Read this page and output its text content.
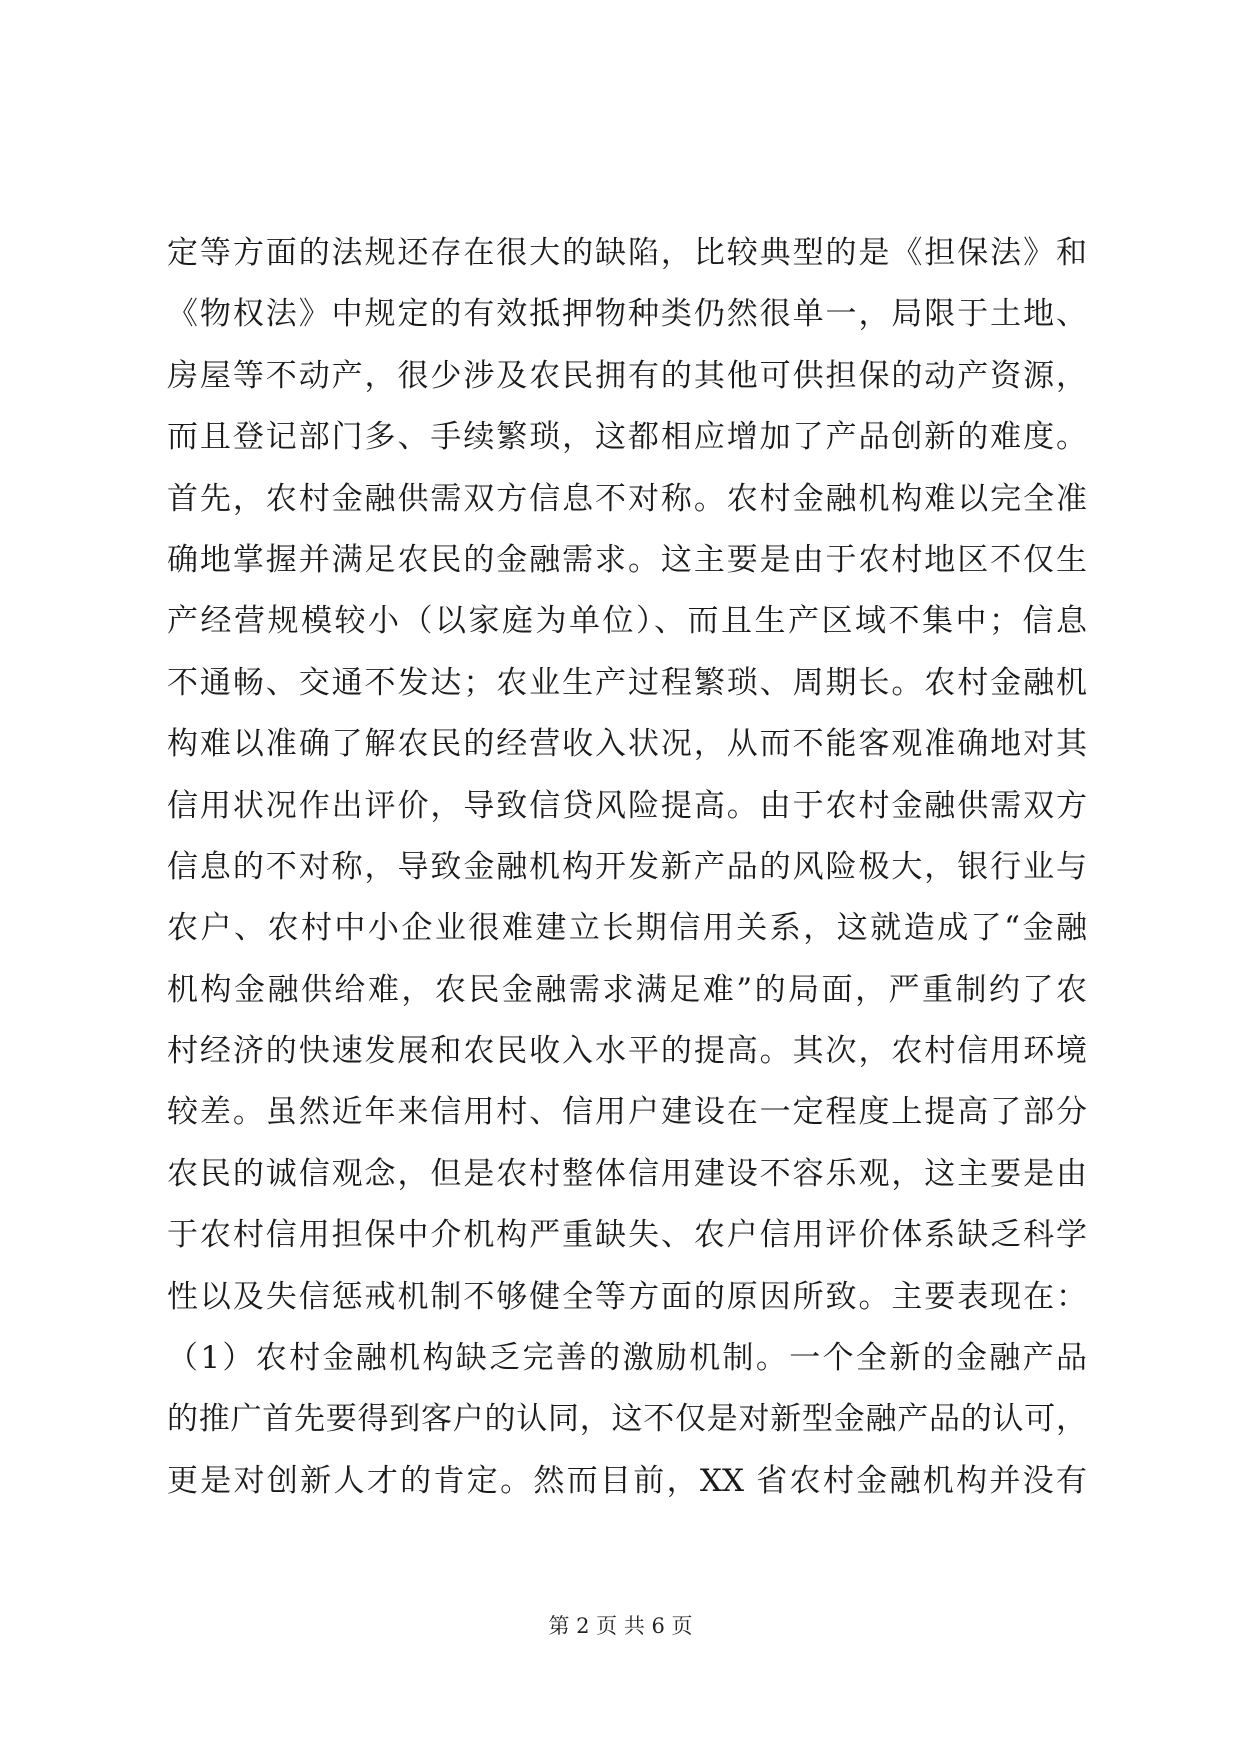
定等方面的法规还存在很大的缺陷，比较典型的是《担保法》和
《物权法》中规定的有效抵押物种类仍然很单一，局限于土地、
房屋等不动产，很少涉及农民拥有的其他可供担保的动产资源，
而且登记部门多、手续繁琐，这都相应增加了产品创新的难度。
首先，农村金融供需双方信息不对称。农村金融机构难以完全准
确地掌握并满足农民的金融需求。这主要是由于农村地区不仅生
产经营规模较小（以家庭为单位）、而且生产区域不集中；信息
不通畅、交通不发达；农业生产过程繁琐、周期长。农村金融机
构难以准确了解农民的经营收入状况，从而不能客观准确地对其
信用状况作出评价，导致信贷风险提高。由于农村金融供需双方
信息的不对称，导致金融机构开发新产品的风险极大，银行业与
农户、农村中小企业很难建立长期信用关系，这就造成了“金融
机构金融供给难，农民金融需求满足难”的局面，严重制约了农
村经济的快速发展和农民收入水平的提高。其次，农村信用环境
较差。虽然近年来信用村、信用户建设在一定程度上提高了部分
农民的诚信观念，但是农村整体信用建设不容乐观，这主要是由
于农村信用担保中介机构严重缺失、农户信用评价体系缺乏科学
性以及失信惩戒机制不够健全等方面的原因所致。主要表现在：
（1）农村金融机构缺乏完善的激励机制。一个全新的金融产品
的推广首先要得到客户的认同，这不仅是对新型金融产品的认可，
更是对创新人才的肯定。然而目前，XX 省农村金融机构并没有
第 2 页 共 6 页
